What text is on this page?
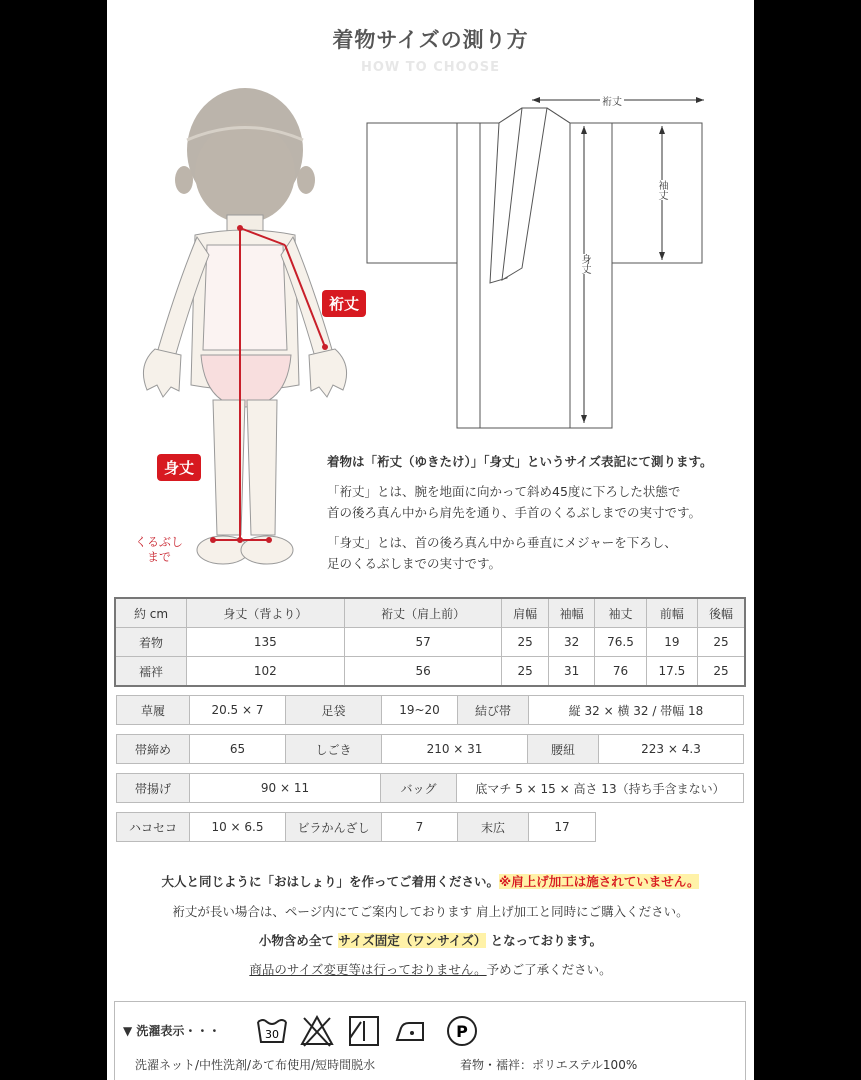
着物サイズの測り方
HOW TO CHOOSE
裄丈
身丈
くるぶし
まで
裄丈
袖丈
身丈
着物は「裄丈（ゆきたけ）」「身丈」というサイズ表記にて測ります。
「裄丈」とは、腕を地面に向かって斜め45度に下ろした状態で
首の後ろ真ん中から肩先を通り、手首のくるぶしまでの実寸です。
「身丈」とは、首の後ろ真ん中から垂直にメジャーを下ろし、
足のくるぶしまでの実寸です。
約 cm	身丈（背より）	裄丈（肩上前）	肩幅	袖幅	袖丈	前幅	後幅
着物	135	57	25	32	76.5	19	25
襦袢	102	56	25	31	76	17.5	25
草履	20.5 × 7	足袋	19~20	結び帯	縦 32 × 横 32 / 帯幅 18
帯締め	65	しごき	210 × 31	腰紐	223 × 4.3
帯揚げ	90 × 11	バッグ	底マチ 5 × 15 × 高さ 13（持ち手含まない）
ハコセコ	10 × 6.5	ビラかんざし	7	末広	17
大人と同じように「おはしょり」を作ってご着用ください。※肩上げ加工は施されていません。
裄丈が長い場合は、ページ内にてご案内しております 肩上げ加工と同時にご購入ください。
小物含め全て サイズ固定（ワンサイズ） となっております。
商品のサイズ変更等は行っておりません。予めご了承ください。
▼ 洗濯表示・・・	30	P
洗濯ネット/中性洗剤/あて布使用/短時間脱水	着物・襦袢：ポリエステル100%
